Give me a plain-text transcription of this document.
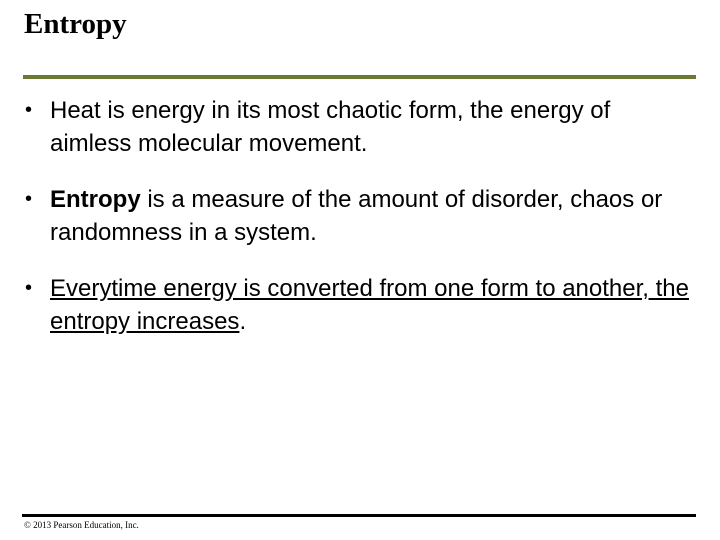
Entropy
• Heat is energy in its most chaotic form, the energy of aimless molecular movement.
• Entropy is a measure of the amount of disorder, chaos or randomness in a system.
• Everytime energy is converted from one form to another, the entropy increases.
© 2013 Pearson Education, Inc.
